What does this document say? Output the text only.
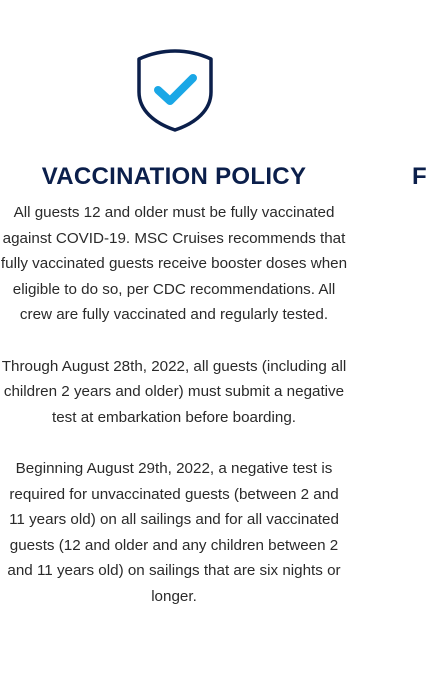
VACCINATION POLICY

All guests 12 and older must be fully vaccinated against COVID-19. MSC Cruises recommends that fully vaccinated guests receive booster doses when eligible to do so, per CDC recommendations. All crew are fully vaccinated and regularly tested.

Through August 28th, 2022, all guests (including all children 2 years and older) must submit a negative test at embarkation before boarding.

Beginning August 29th, 2022, a negative test is required for unvaccinated guests (between 2 and 11 years old) on all sailings and for all vaccinated guests (12 and older and any children between 2 and 11 years old) on sailings that are six nights or longer.

F
